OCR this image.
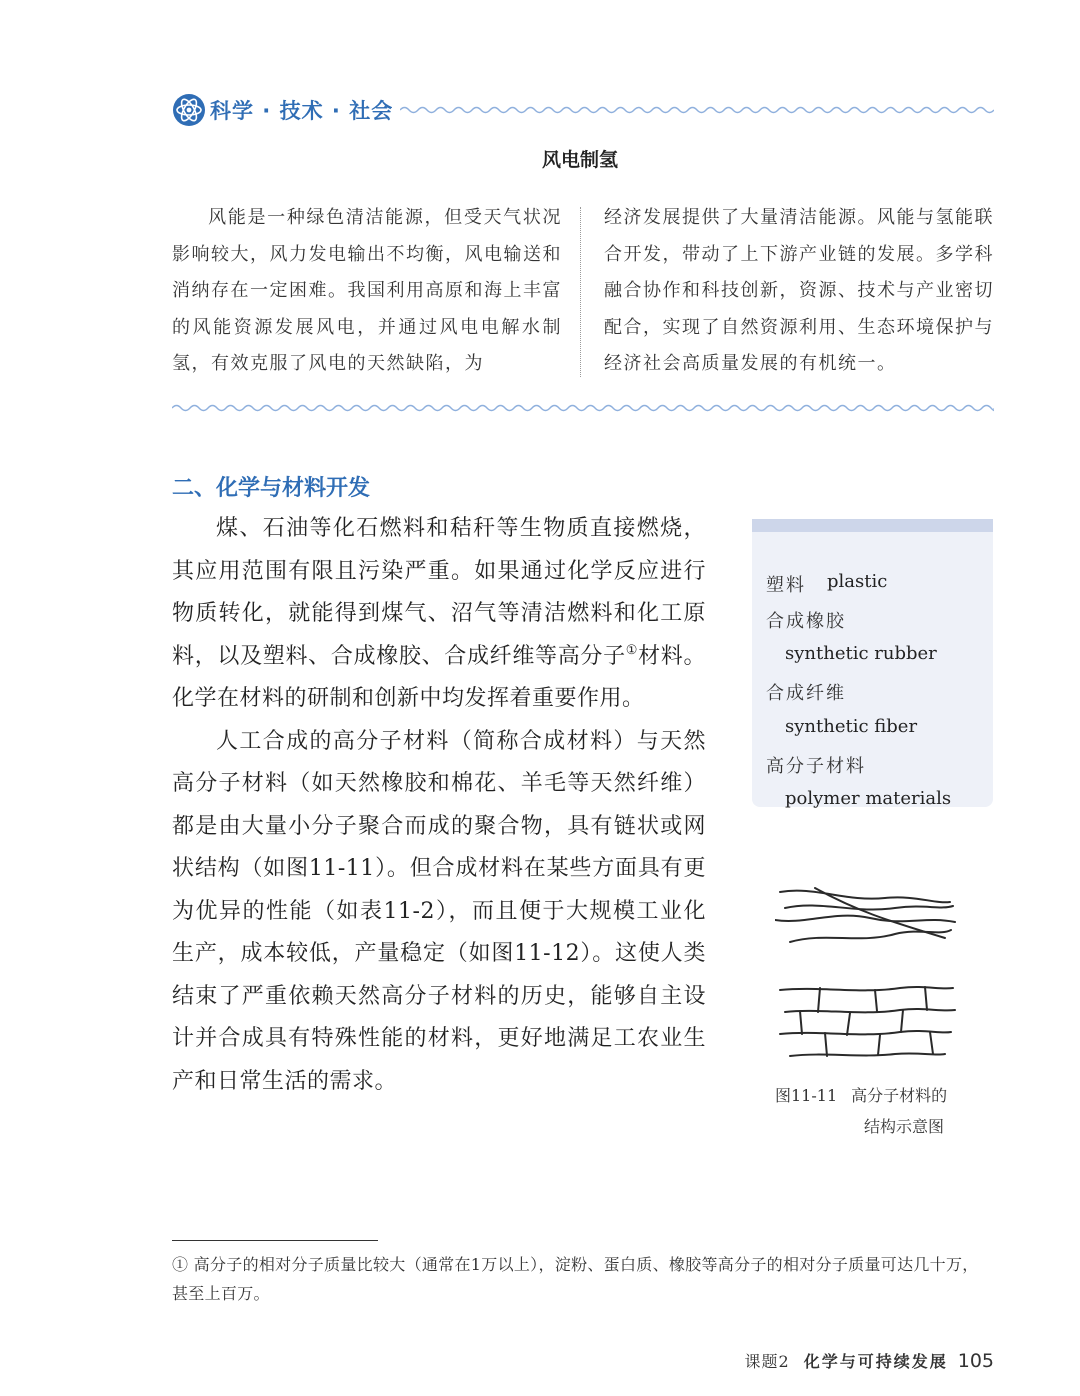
科学 · 技术 · 社会
风电制氢
风能是一种绿色清洁能源，但受天气状况影响较大，风力发电输出不均衡，风电输送和消纳存在一定困难。我国利用高原和海上丰富的风能资源发展风电，并通过风电电解水制氢，有效克服了风电的天然缺陷，为
经济发展提供了大量清洁能源。风能与氢能联合开发，带动了上下游产业链的发展。多学科融合协作和科技创新，资源、技术与产业密切配合，实现了自然资源利用、生态环境保护与经济社会高质量发展的有机统一。
二、化学与材料开发

煤、石油等化石燃料和秸秆等生物质直接燃烧，其应用范围有限且污染严重。如果通过化学反应进行物质转化，就能得到煤气、沼气等清洁燃料和化工原料，以及塑料、合成橡胶、合成纤维等高分子①材料。化学在材料的研制和创新中均发挥着重要作用。

人工合成的高分子材料（简称合成材料）与天然高分子材料（如天然橡胶和棉花、羊毛等天然纤维）都是由大量小分子聚合而成的聚合物，具有链状或网状结构（如图11-11）。但合成材料在某些方面具有更为优异的性能（如表11-2），而且便于大规模工业化生产，成本较低，产量稳定（如图11-12）。这使人类结束了严重依赖天然高分子材料的历史，能够自主设计并合成具有特殊性能的材料，更好地满足工农业生产和日常生活的需求。

塑料 plastic
合成橡胶
synthetic rubber
合成纤维
synthetic fiber
高分子材料
polymer materials
图11-11 高分子材料的
结构示意图
① 高分子的相对分子质量比较大（通常在1万以上），淀粉、蛋白质、橡胶等高分子的相对分子质量可达几十万，甚至上百万。
课题2 化学与可持续发展 105
